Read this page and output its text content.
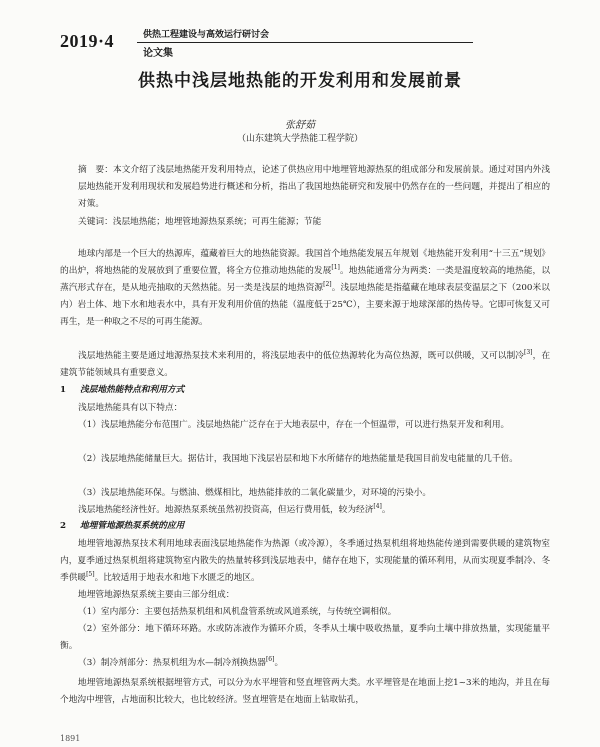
2019·4	供热工程建设与高效运行研讨会
论文集
供热中浅层地热能的开发利用和发展前景
张舒茹
（山东建筑大学热能工程学院）
摘　要：本文介绍了浅层地热能开发利用特点，论述了供热应用中地埋管地源热泵的组成部分和发展前景。通过对国内外浅层地热能开发利用现状和发展趋势进行概述和分析，指出了我国地热能研究和发展中仍然存在的一些问题，并提出了相应的对策。
关键词：浅层地热能；地埋管地源热泵系统；可再生能源；节能
地球内部是一个巨大的热源库，蕴藏着巨大的地热能资源。我国首个地热能发展五年规划《地热能开发利用“十三五”规划》的出炉，将地热能的发展放到了重要位置，将全方位推动地热能的发展[1]。地热能通常分为两类：一类是温度较高的地热能，以蒸汽形式存在，是从地壳抽取的天然热能。另一类是浅层的地热资源[2]。浅层地热能是指蕴藏在地球表层变温层之下（200米以内）岩土体、地下水和地表水中，具有开发利用价值的热能（温度低于25℃），主要来源于地球深部的热传导。它即可恢复又可再生，是一种取之不尽的可再生能源。
浅层地热能主要是通过地源热泵技术来利用的，将浅层地表中的低位热源转化为高位热源，既可以供暖，又可以制冷[3]，在建筑节能领域具有重要意义。
1 浅层地热能特点和利用方式
浅层地热能具有以下特点：
（1）浅层地热能分布范围广。浅层地热能广泛存在于大地表层中，存在一个恒温带，可以进行热泵开发和利用。
（2）浅层地热能储量巨大。据估计，我国地下浅层岩层和地下水所储存的地热能量是我国目前发电能量的几千倍。
（3）浅层地热能环保。与燃油、燃煤相比，地热能排放的二氧化碳量少，对环境的污染小。
浅层地热能经济性好。地源热泵系统虽然初投资高，但运行费用低，较为经济[4]。
2 地埋管地源热泵系统的应用
地埋管地源热泵技术利用地球表面浅层地热能作为热源（或冷源），冬季通过热泵机组将地热能传递到需要供暖的建筑物室内，夏季通过热泵机组将建筑物室内散失的热量转移到浅层地表中，储存在地下，实现能量的循环利用，从而实现夏季制冷、冬季供暖[5]。比较适用于地表水和地下水匮乏的地区。
地埋管地源热泵系统主要由三部分组成：
（1）室内部分：主要包括热泵机组和风机盘管系统或风道系统，与传统空调相似。
（2）室外部分：地下循环环路。水或防冻液作为循环介质，冬季从土壤中吸收热量，夏季向土壤中排放热量，实现能量平衡。
（3）制冷剂部分：热泵机组为水—制冷剂换热器[6]。
地埋管地源热泵系统根据埋管方式，可以分为水平埋管和竖直埋管两大类。水平埋管是在地面上挖1~3米的地沟，并且在每个地沟中埋管，占地面积比较大，也比较经济。竖直埋管是在地面上钻取钻孔，
1891
